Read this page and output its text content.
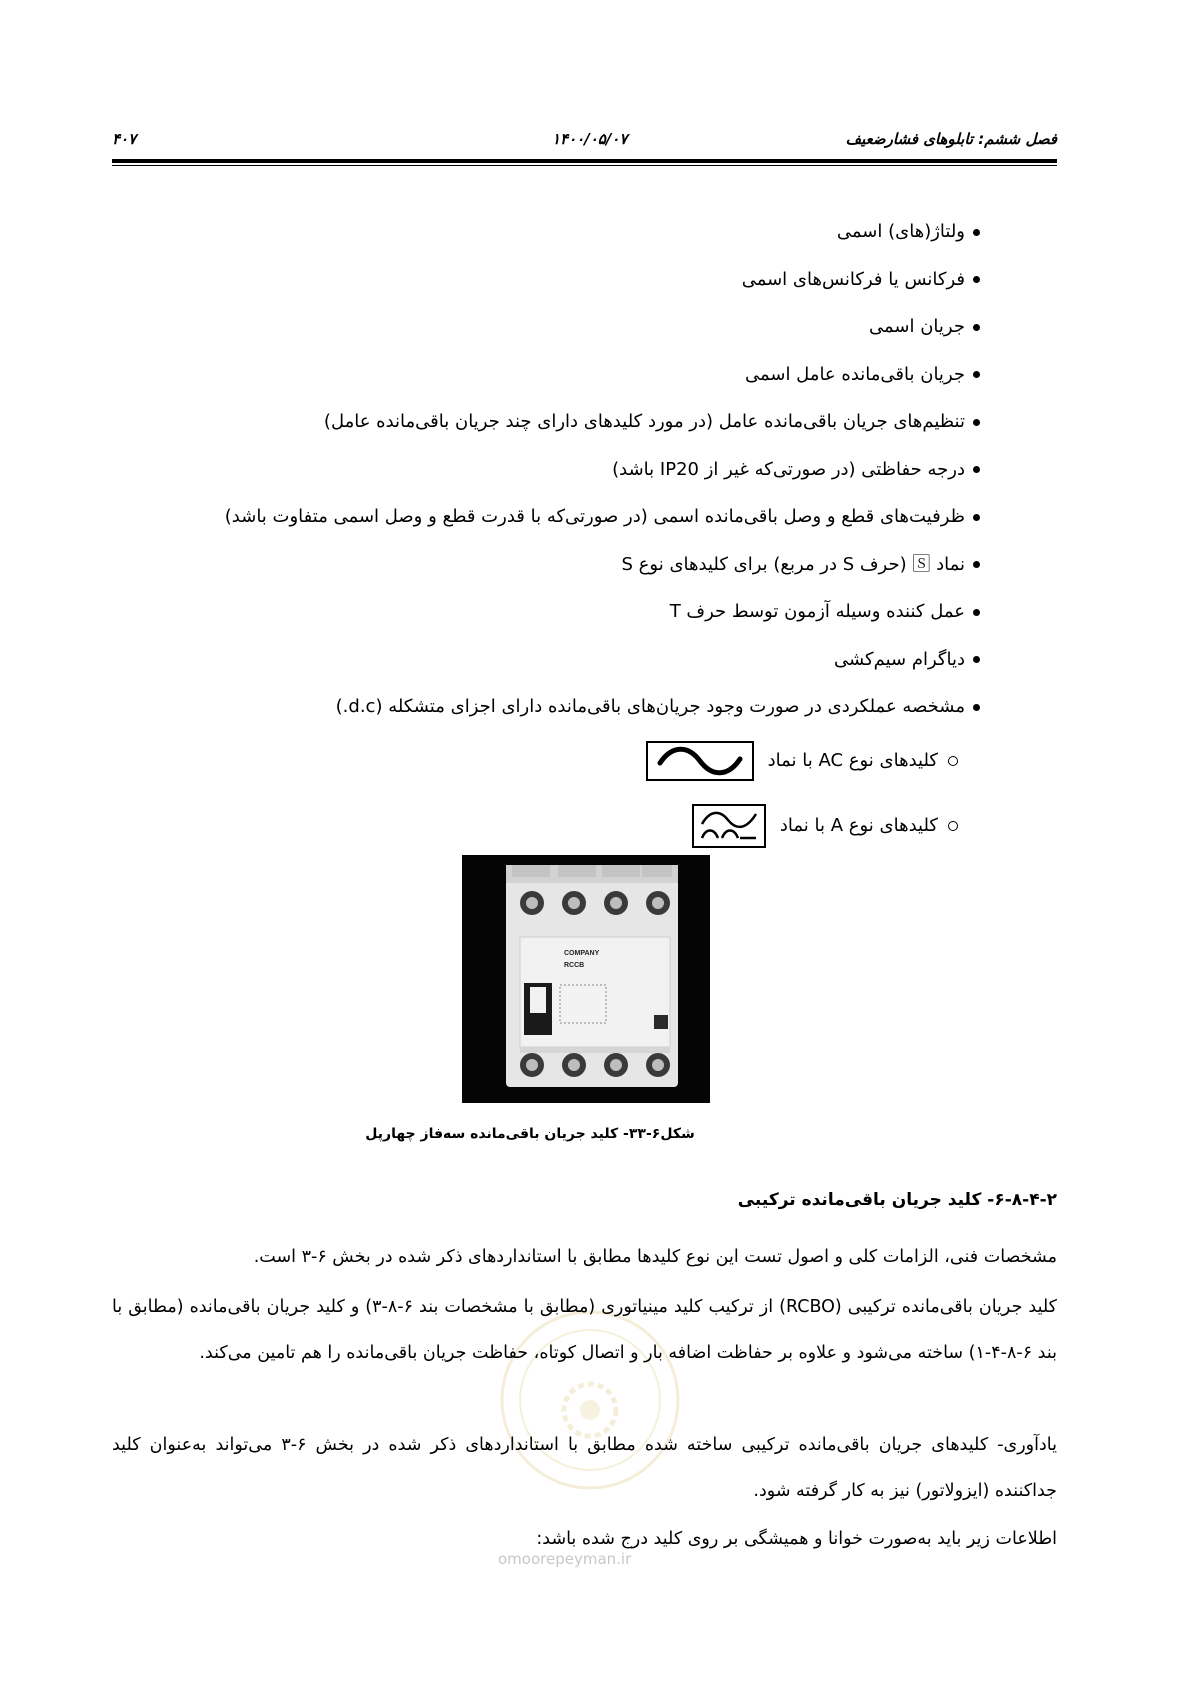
فصل ششم: تابلوهای فشارضعیف
۱۴۰۰/۰۵/۰۷
۴۰۷
ولتاژ(های) اسمی
فرکانس یا فرکانس‌های اسمی
جریان اسمی
جریان باقی‌مانده عامل اسمی
تنظیم‌های جریان باقی‌مانده عامل (در مورد کلیدهای دارای چند جریان باقی‌مانده عامل)
درجه حفاظتی (در صورتی‌که غیر از IP20 باشد)
ظرفیت‌های قطع و وصل باقی‌مانده اسمی (در صورتی‌که با قدرت قطع و وصل اسمی متفاوت باشد)
نماد 🅂 (حرف S در مربع) برای کلیدهای نوع S
عمل کننده وسیله آزمون توسط حرف T
دیاگرام سیم‌کشی
مشخصه عملکردی در صورت وجود جریان‌های باقی‌مانده دارای اجزای متشکله (d.c.)
کلیدهای نوع AC با نماد
کلیدهای نوع A با نماد
COMPANY
RCCB
شکل۶-۳۳- کلید جریان باقی‌مانده سه‌فاز چهارپل
omoorepeyman.ir
۶-۸-۴-۲- کلید جریان باقی‌مانده ترکیبی
مشخصات فنی، الزامات کلی و اصول تست این نوع کلیدها مطابق با استانداردهای ذکر شده در بخش ۶-۳ است.
کلید جریان باقی‌مانده ترکیبی (RCBO) از ترکیب کلید مینیاتوری (مطابق با مشخصات بند ۶-۸-۳) و کلید جریان باقی‌مانده (مطابق با بند ۶-۸-۴-۱) ساخته می‌شود و علاوه بر حفاظت اضافه بار و اتصال کوتاه، حفاظت جریان باقی‌مانده را هم تامین می‌کند.
یادآوری- کلیدهای جریان باقی‌مانده ترکیبی ساخته شده مطابق با استانداردهای ذکر شده در بخش ۶-۳ می‌تواند به‌عنوان کلید جداکننده (ایزولاتور) نیز به کار گرفته شود.
اطلاعات زیر باید به‌صورت خوانا و همیشگی بر روی کلید درج شده باشد:
